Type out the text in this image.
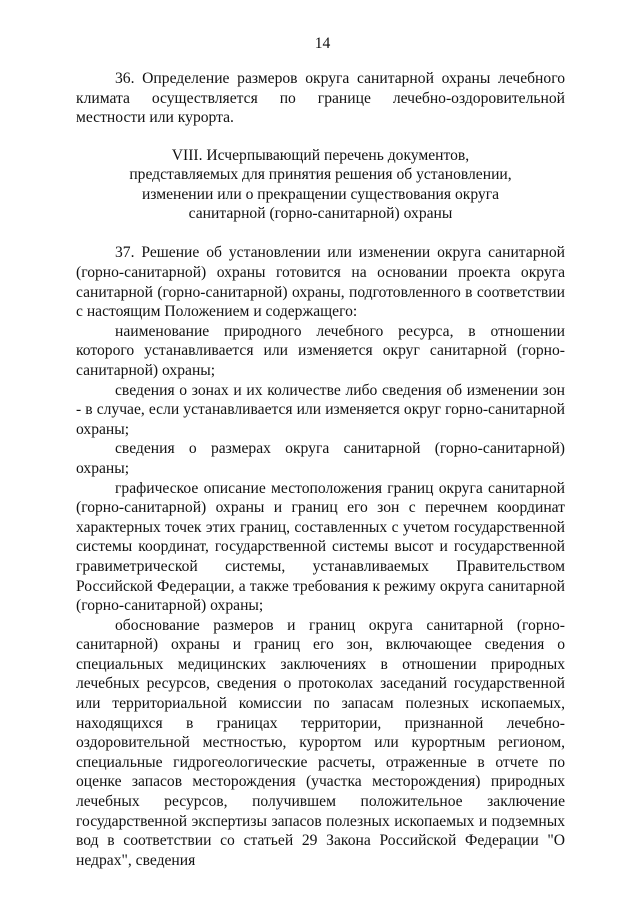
14

36. Определение размеров округа санитарной охраны лечебного климата осуществляется по границе лечебно-оздоровительной местности или курорта.

VIII. Исчерпывающий перечень документов,
представляемых для принятия решения об установлении,
изменении или о прекращении существования округа
санитарной (горно-санитарной) охраны

37. Решение об установлении или изменении округа санитарной (горно-санитарной) охраны готовится на основании проекта округа санитарной (горно-санитарной) охраны, подготовленного в соответствии с настоящим Положением и содержащего:

наименование природного лечебного ресурса, в отношении которого устанавливается или изменяется округ санитарной (горно-санитарной) охраны;

сведения о зонах и их количестве либо сведения об изменении зон - в случае, если устанавливается или изменяется округ горно-санитарной охраны;

сведения о размерах округа санитарной (горно-санитарной) охраны;

графическое описание местоположения границ округа санитарной (горно-санитарной) охраны и границ его зон с перечнем координат характерных точек этих границ, составленных с учетом государственной системы координат, государственной системы высот и государственной гравиметрической системы, устанавливаемых Правительством Российской Федерации, а также требования к режиму округа санитарной (горно-санитарной) охраны;

обоснование размеров и границ округа санитарной (горно-санитарной) охраны и границ его зон, включающее сведения о специальных медицинских заключениях в отношении природных лечебных ресурсов, сведения о протоколах заседаний государственной или территориальной комиссии по запасам полезных ископаемых, находящихся в границах территории, признанной лечебно-оздоровительной местностью, курортом или курортным регионом, специальные гидрогеологические расчеты, отраженные в отчете по оценке запасов месторождения (участка месторождения) природных лечебных ресурсов, получившем положительное заключение государственной экспертизы запасов полезных ископаемых и подземных вод в соответствии со статьей 29 Закона Российской Федерации "О недрах", сведения
